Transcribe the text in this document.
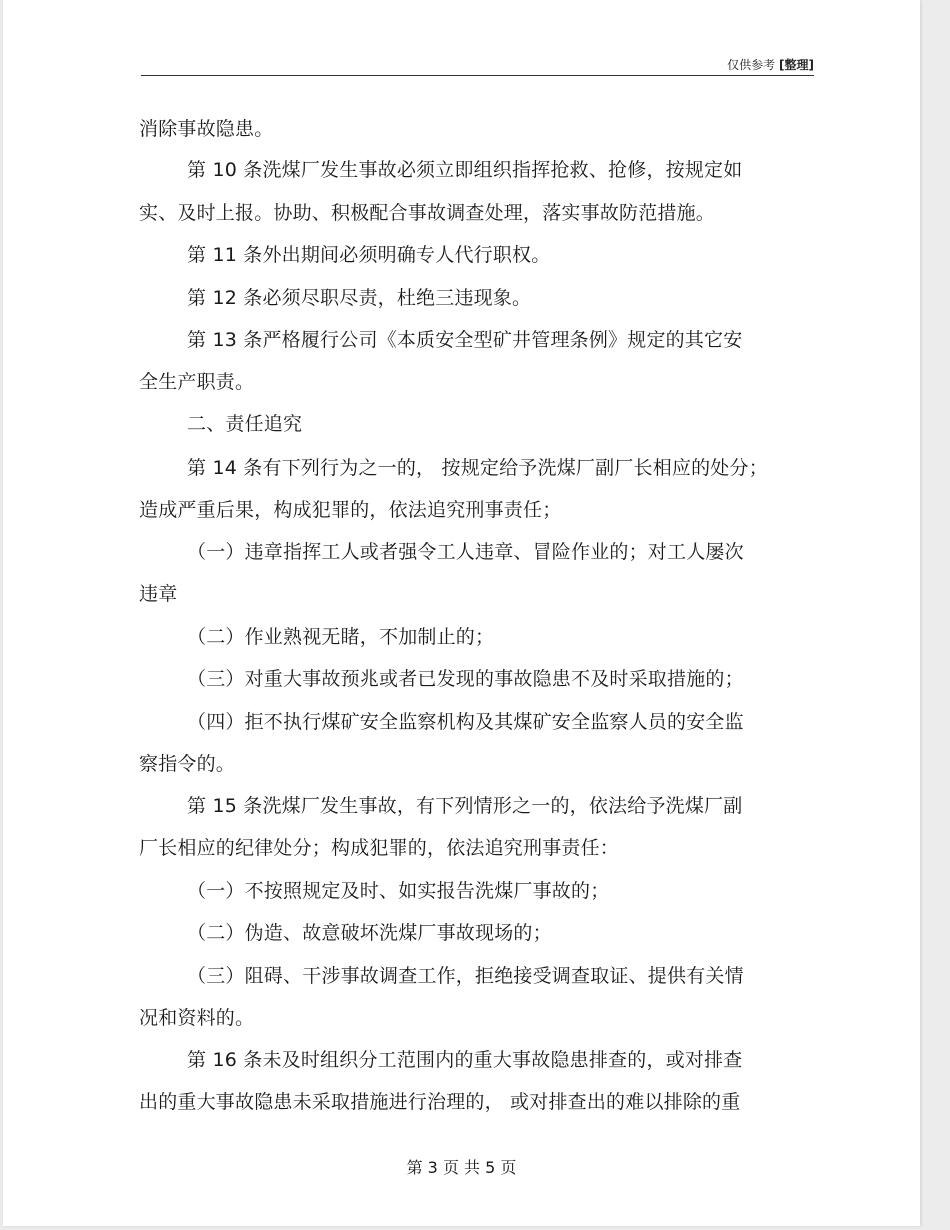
仅供参考 [整理]
消除事故隐患。
第 10 条洗煤厂发生事故必须立即组织指挥抢救、抢修，按规定如
实、及时上报。协助、积极配合事故调查处理，落实事故防范措施。
第 11 条外出期间必须明确专人代行职权。
第 12 条必须尽职尽责，杜绝三违现象。
第 13 条严格履行公司《本质安全型矿井管理条例》规定的其它安
全生产职责。
二、责任追究
第 14 条有下列行为之一的， 按规定给予洗煤厂副厂长相应的处分；
造成严重后果，构成犯罪的，依法追究刑事责任；
（一）违章指挥工人或者强令工人违章、冒险作业的；对工人屡次
违章
（二）作业熟视无睹，不加制止的；
（三）对重大事故预兆或者已发现的事故隐患不及时采取措施的；
（四）拒不执行煤矿安全监察机构及其煤矿安全监察人员的安全监
察指令的。
第 15 条洗煤厂发生事故，有下列情形之一的，依法给予洗煤厂副
厂长相应的纪律处分；构成犯罪的，依法追究刑事责任：
（一）不按照规定及时、如实报告洗煤厂事故的；
（二）伪造、故意破坏洗煤厂事故现场的；
（三）阻碍、干涉事故调查工作，拒绝接受调查取证、提供有关情
况和资料的。
第 16 条未及时组织分工范围内的重大事故隐患排查的，或对排查
出的重大事故隐患未采取措施进行治理的， 或对排查出的难以排除的重
第 3 页 共 5 页
